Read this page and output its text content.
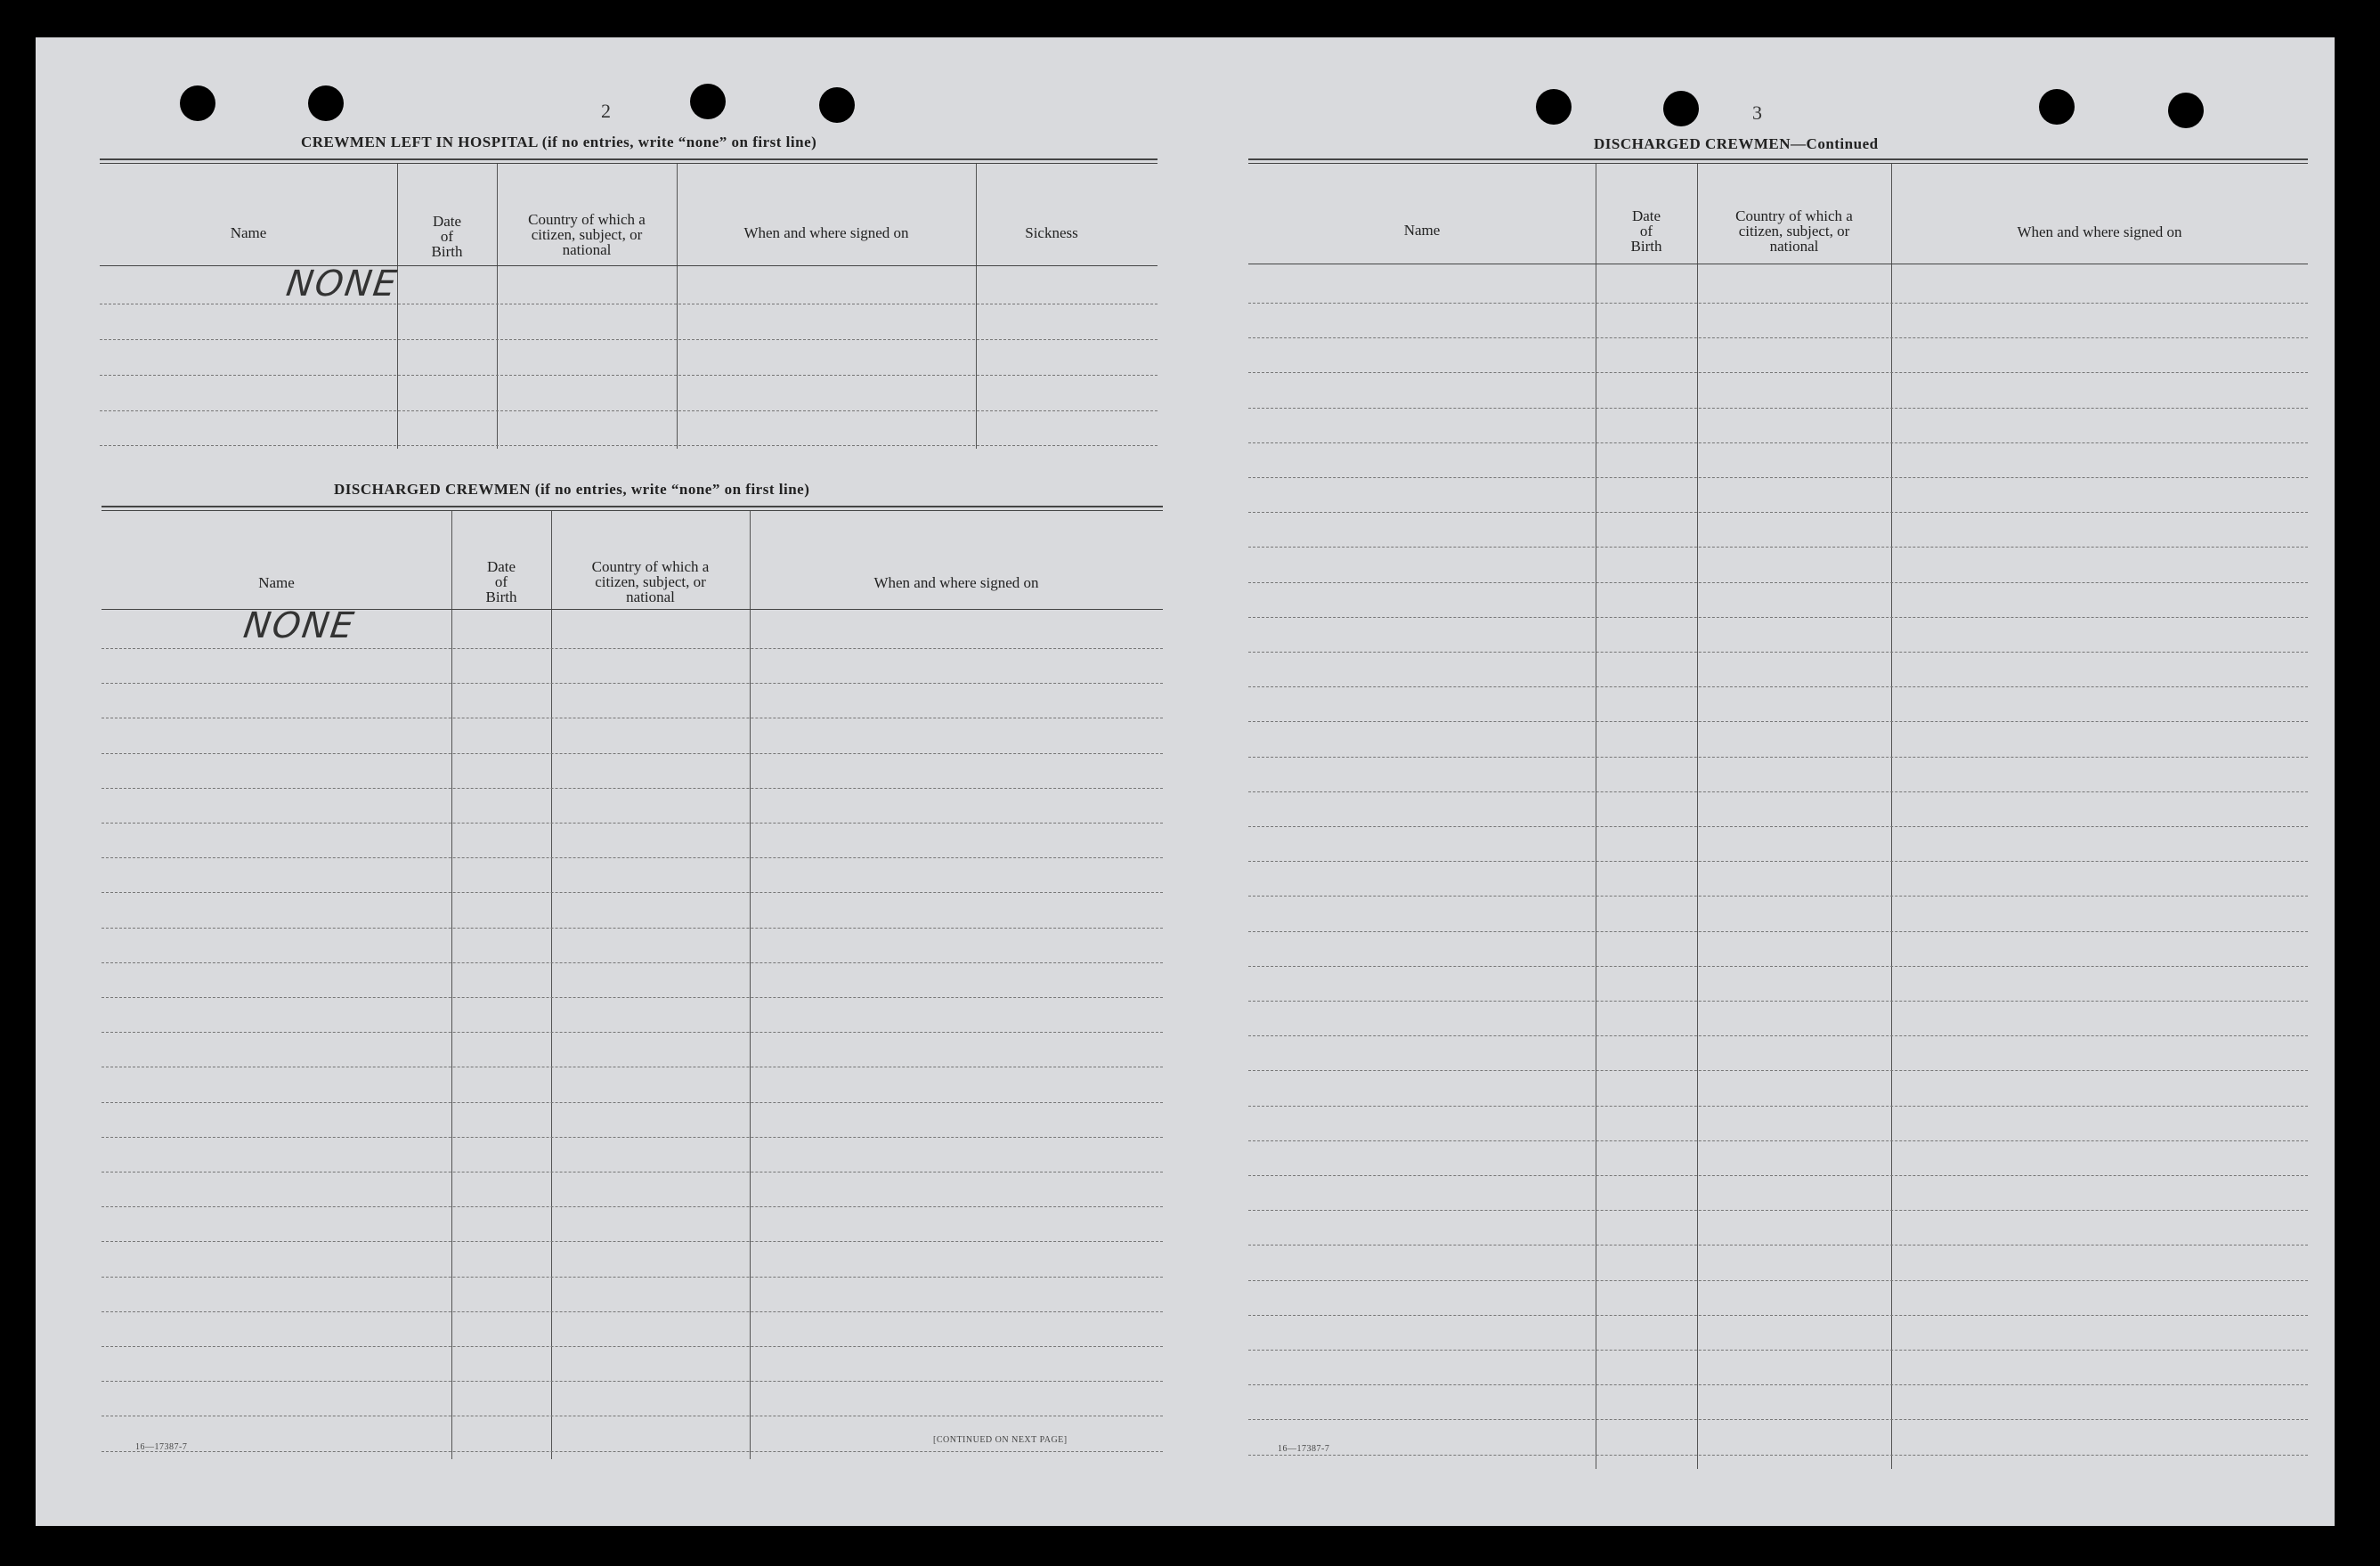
2
CREWMEN LEFT IN HOSPITAL (if no entries, write “none” on first line)
Name
Date
of
Birth
Country of which a
citizen, subject, or
national
When and where signed on	Sickness
NONE
DISCHARGED CREWMEN (if no entries, write “none” on first line)
Name
Date
of
Birth
Country of which a
citizen, subject, or
national
When and where signed on
NONE
16—17387-7
[CONTINUED ON NEXT PAGE]
3
DISCHARGED CREWMEN—Continued
Name
Date
of
Birth
Country of which a
citizen, subject, or
national
When and where signed on
16—17387-7
